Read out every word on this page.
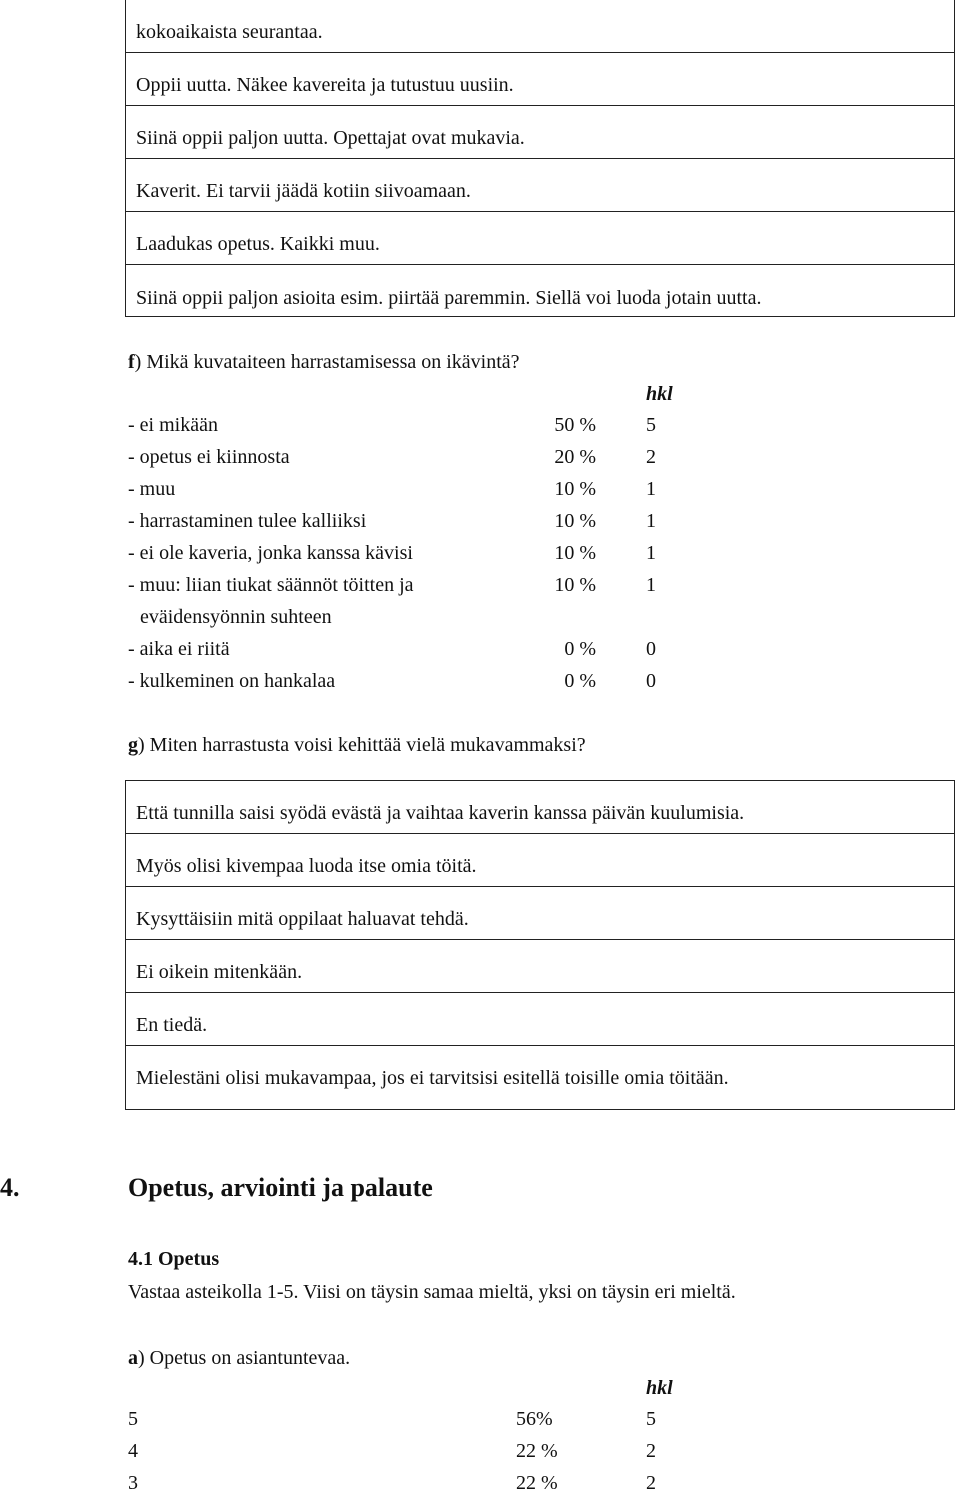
kokoaikaista seurantaa.
Oppii uutta. Näkee kavereita ja tutustuu uusiin.
Siinä oppii paljon uutta. Opettajat ovat mukavia.
Kaverit. Ei tarvii jäädä kotiin siivoamaan.
Laadukas opetus. Kaikki muu.
Siinä oppii paljon asioita esim. piirtää paremmin. Siellä voi luoda jotain uutta.
f) Mikä kuvataiteen harrastamisessa on ikävintä?
hkl
- ei mikään	50 %	5
- opetus ei kiinnosta	20 %	2
- muu	10 %	1
- harrastaminen tulee kalliiksi	10 %	1
- ei ole kaveria, jonka kanssa kävisi	10 %	1
- muu: liian tiukat säännöt töitten ja	10 %	1
eväidensyönnin suhteen
- aika ei riitä	0 %	0
- kulkeminen on hankalaa	0 %	0
g) Miten harrastusta voisi kehittää vielä mukavammaksi?
Että tunnilla saisi syödä evästä ja vaihtaa kaverin kanssa päivän kuulumisia.
Myös olisi kivempaa luoda itse omia töitä.
Kysyttäisiin mitä oppilaat haluavat tehdä.
Ei oikein mitenkään.
En tiedä.
Mielestäni olisi mukavampaa, jos ei tarvitsisi esitellä toisille omia töitään.
4.	Opetus, arviointi ja palaute
4.1 Opetus
Vastaa asteikolla 1-5. Viisi on täysin samaa mieltä, yksi on täysin eri mieltä.
a) Opetus on asiantuntevaa.
hkl
5	56%	5
4	22 %	2
3	22 %	2
